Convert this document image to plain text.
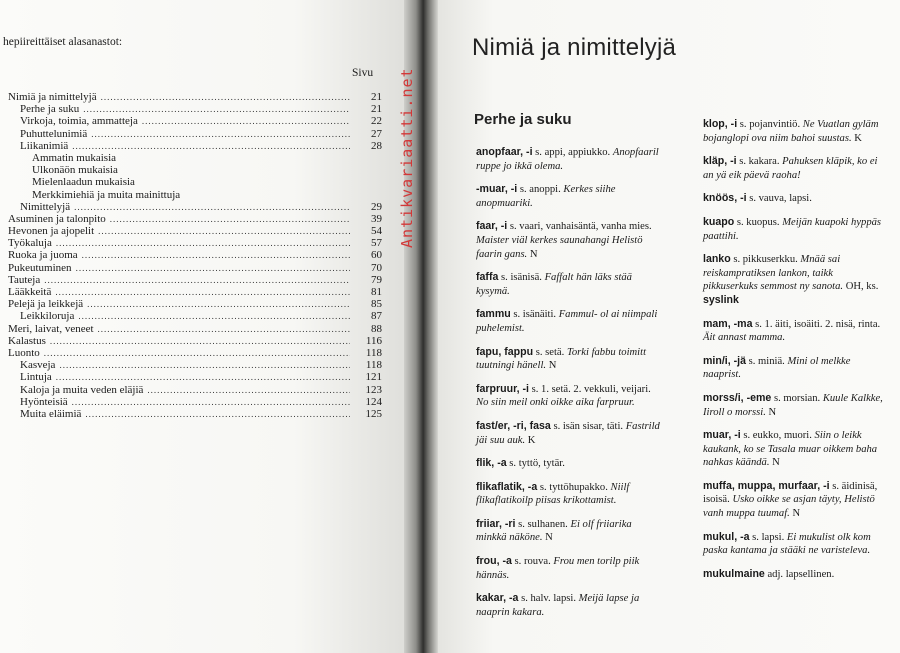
hepiireittäiset alasanastot:
Sivu
Nimiä ja nimittelyjä .....	21
Perhe ja suku .....	21
Virkoja, toimia, ammatteja .....	22
Puhuttelunimiä .....	27
Liikanimiä .....	28
Ammatin mukaisia
Ulkonäön mukaisia
Mielenlaadun mukaisia
Merkkimiehiä ja muita mainittuja
Nimittelyjä .....	29
Asuminen ja talonpito .....	39
Hevonen ja ajopelit .....	54
Työkaluja .....	57
Ruoka ja juoma .....	60
Pukeutuminen .....	70
Tauteja .....	79
Lääkkeitä .....	81
Pelejä ja leikkejä .....	85
Leikkiloruja .....	87
Meri, laivat, veneet .....	88
Kalastus .....	116
Luonto .....	118
Kasveja .....	118
Lintuja .....	121
Kaloja ja muita veden eläjiä .....	123
Hyönteisiä .....	124
Muita eläimiä .....	125
Antikvariaatti.net
Nimiä ja nimittelyjä
Perhe ja suku
anopfaar, -i s. appi, appiukko. Anopfaaril ruppe jo ikkä olema.
-muar, -i s. anoppi. Kerkes siihe anopmuariki.
faar, -i s. vaari, vanhaisäntä, vanha mies. Maister viäl kerkes saunahangi Helistö faarin gans. N
faffa s. isänisä. Faffalt hän läks stää kysymä.
fammu s. isänäiti. Fammul- ol ai niimpali puhelemist.
fapu, fappu s. setä. Torki fabbu toimitt tuutningi hänell. N
farpruur, -i s. 1. setä. 2. vekkuli, veijari. No siin meil onki oikke aika farpruur.
fast/er, -ri, fasa s. isän sisar, täti. Fastrild jäi suu auk. K
flik, -a s. tyttö, tytär.
flikaflatik, -a s. tyttöhupakko. Niilf flikaflatikoilp piisas krikottamist.
friiar, -ri s. sulhanen. Ei olf friiarika minkkä näköne. N
frou, -a s. rouva. Frou men torilp piik hännäs.
kakar, -a s. halv. lapsi. Meijä lapse ja naaprin kakara.
klop, -i s. pojanvintiö. Ne Vuatlan gyläm bojanglopi ova niim bahoi suustas. K
kläp, -i s. kakara. Pahuksen kläpik, ko ei an yä eik päevä raoha!
knöös, -i s. vauva, lapsi.
kuapo s. kuopus. Meijän kuapoki hyppäs paattihi.
lanko s. pikkuserkku. Mnää sai reiskampratiksen lankon, taikk pikkuserkuks semmost ny sanota. OH, ks. syslink
mam, -ma s. 1. äiti, isoäiti. 2. nisä, rinta. Äit annast mamma.
min/i, -jä s. miniä. Mini ol melkke naaprist.
morss/i, -eme s. morsian. Kuule Kalkke, Iiroll o morssi. N
muar, -i s. eukko, muori. Siin o leikk kaukank, ko se Tasala muar oikkem baha nahkas käändä. N
muffa, muppa, murfaar, -i s. äidinisä, isoisä. Usko oikke se asjan täyty, Helistö vanh muppa tuumaf. N
mukul, -a s. lapsi. Ei mukulist olk kom paska kantama ja stääki ne varisteleva.
mukulmaine adj. lapsellinen.
